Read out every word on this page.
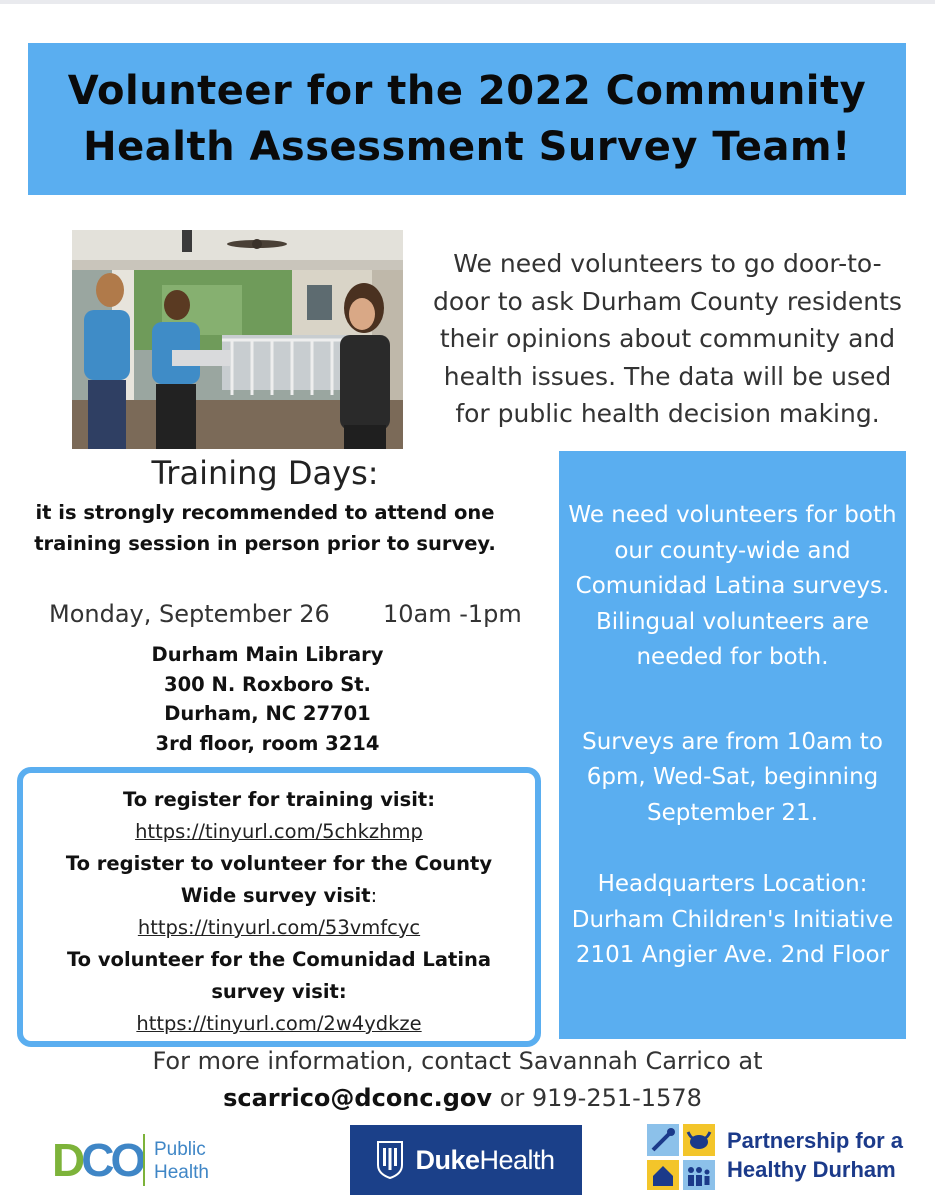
Volunteer for the 2022 Community
Health Assessment Survey Team!
We need volunteers to go door-to-
door to ask Durham County residents
their opinions about community and
health issues. The data will be used
for public health decision making.
Training Days:
it is strongly recommended to attend one
training session in person prior to survey.
Monday, September 26 10am -1pm
Durham Main Library
300 N. Roxboro St.
Durham, NC 27701
3rd floor, room 3214
To register for training visit:
https://tinyurl.com/5chkzhmp
To register to volunteer for the County
Wide survey visit:
https://tinyurl.com/53vmfcyc
To volunteer for the Comunidad Latina
survey visit:
https://tinyurl.com/2w4ydkze

We need volunteers for both

our county-wide and

Comunidad Latina surveys.

Bilingual volunteers are

needed for both.

Surveys are from 10am to

6pm, Wed-Sat, beginning

September 21.

Headquarters Location:

Durham Children's Initiative

2101 Angier Ave. 2nd Floor

For more information, contact Savannah Carrico at
scarrico@dconc.gov or 919-251-1578
DCO Public
Health	DukeHealth
Partnership for a
Healthy Durham
